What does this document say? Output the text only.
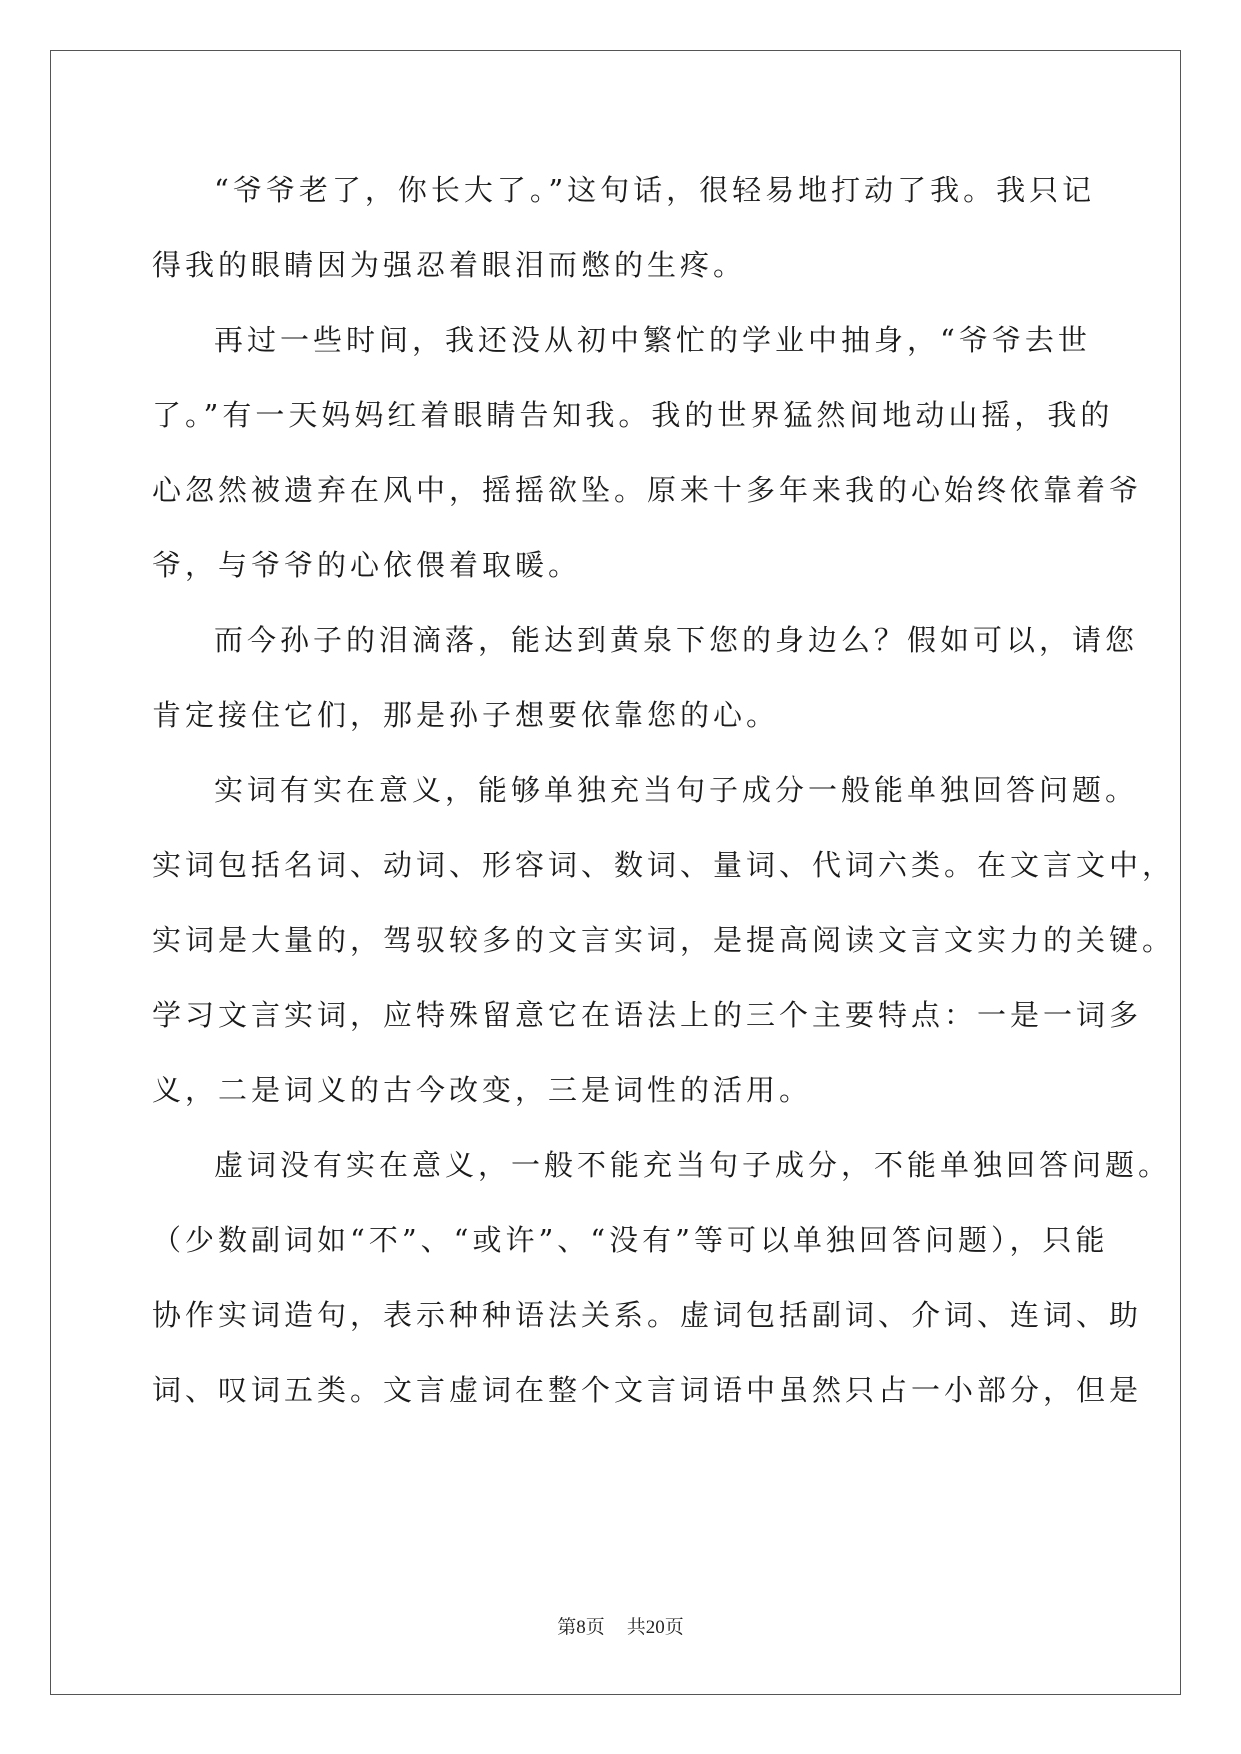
“爷爷老了，你长大了。”这句话，很轻易地打动了我。我只记
得我的眼睛因为强忍着眼泪而憋的生疼。
再过一些时间，我还没从初中繁忙的学业中抽身，“爷爷去世
了。”有一天妈妈红着眼睛告知我。我的世界猛然间地动山摇，我的
心忽然被遗弃在风中，摇摇欲坠。原来十多年来我的心始终依靠着爷
爷，与爷爷的心依偎着取暖。
而今孙子的泪滴落，能达到黄泉下您的身边么？假如可以，请您
肯定接住它们，那是孙子想要依靠您的心。
实词有实在意义，能够单独充当句子成分一般能单独回答问题。
实词包括名词、动词、形容词、数词、量词、代词六类。在文言文中，
实词是大量的，驾驭较多的文言实词，是提高阅读文言文实力的关键。
学习文言实词，应特殊留意它在语法上的三个主要特点：一是一词多
义，二是词义的古今改变，三是词性的活用。
虚词没有实在意义，一般不能充当句子成分，不能单独回答问题。
（少数副词如“不”、“或许”、“没有”等可以单独回答问题），只能
协作实词造句，表示种种语法关系。虚词包括副词、介词、连词、助
词、叹词五类。文言虚词在整个文言词语中虽然只占一小部分，但是
第8页 共20页
